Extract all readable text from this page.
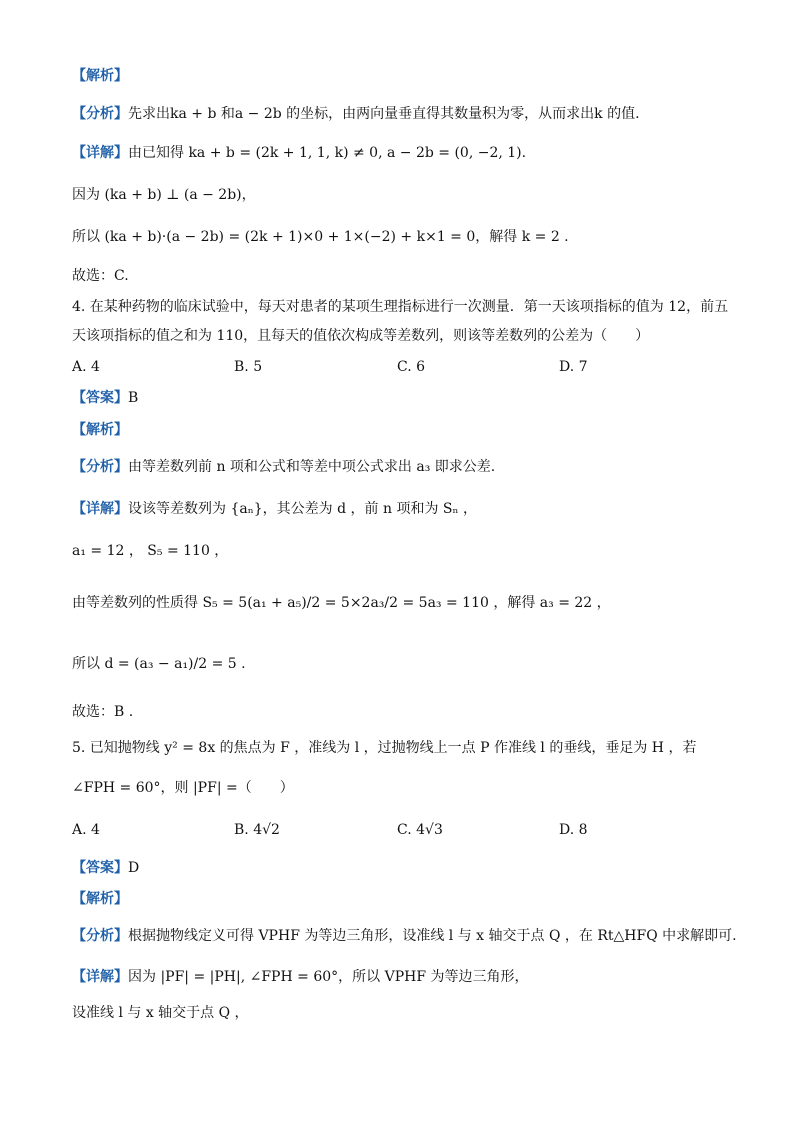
【解析】
【分析】先求出ka + b 和a − 2b 的坐标，由两向量垂直得其数量积为零，从而求出k 的值.
【详解】由已知得 ka + b = (2k + 1, 1, k) ≠ 0, a − 2b = (0, −2, 1).
因为 (ka + b) ⊥ (a − 2b)，
所以 (ka + b)·(a − 2b) = (2k + 1)×0 + 1×(−2) + k×1 = 0，解得 k = 2 .
故选：C.
4. 在某种药物的临床试验中，每天对患者的某项生理指标进行一次测量．第一天该项指标的值为 12，前五
天该项指标的值之和为 110，且每天的值依次构成等差数列，则该等差数列的公差为（　　）
A. 4	B. 5	C. 6	D. 7
【答案】B
【解析】
【分析】由等差数列前 n 项和公式和等差中项公式求出 a₃ 即求公差.
【详解】设该等差数列为 {aₙ}，其公差为 d ，前 n 项和为 Sₙ ，
a₁ = 12 ， S₅ = 110 ，
由等差数列的性质得 S₅ = 5(a₁ + a₅)/2 = 5×2a₃/2 = 5a₃ = 110 ，解得 a₃ = 22 ，
所以 d = (a₃ − a₁)/2 = 5 .
故选：B .
5. 已知抛物线 y² = 8x 的焦点为 F ，准线为 l ，过抛物线上一点 P 作准线 l 的垂线，垂足为 H ，若
∠FPH = 60°，则 |PF| =（　　）
A. 4	B. 4√2	C. 4√3	D. 8
【答案】D
【解析】
【分析】根据抛物线定义可得 VPHF 为等边三角形，设准线 l 与 x 轴交于点 Q ，在 Rt△HFQ 中求解即可.
【详解】因为 |PF| = |PH|, ∠FPH = 60°，所以 VPHF 为等边三角形，
设准线 l 与 x 轴交于点 Q ，
